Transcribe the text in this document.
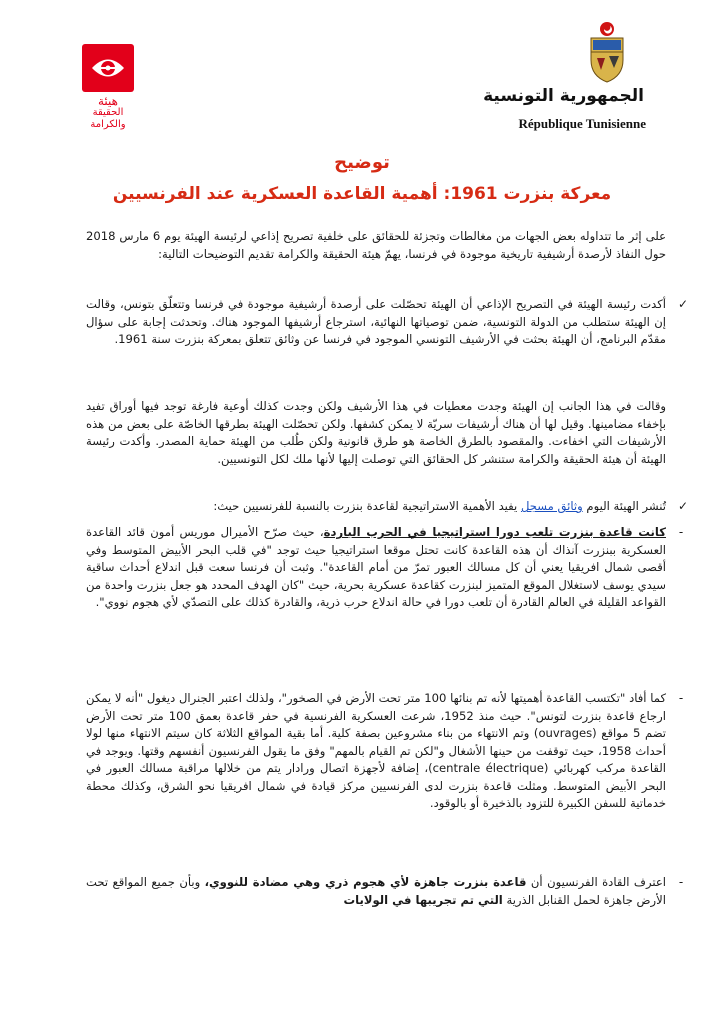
هيئة
الحقيقة
والكرامة
الجمهورية التونسية
République Tunisienne
توضيح
معركة بنزرت 1961: أهمية القاعدة العسكرية عند الفرنسيين

على إثر ما تتداوله بعض الجهات من مغالطات وتجزئة للحقائق على خلفية تصريح إذاعي لرئيسة الهيئة يوم 6 مارس 2018 حول النفاذ لأرصدة أرشيفية تاريخية موجودة في فرنسا، يهمّ هيئة الحقيقة والكرامة تقديم التوضيحات التالية:

✓

أكدت رئيسة الهيئة في التصريح الإذاعي أن الهيئة تحصّلت على أرصدة أرشيفية موجودة في فرنسا وتتعلّق بتونس، وقالت إن الهيئة ستطلب من الدولة التونسية، ضمن توصياتها النهائية، استرجاع أرشيفها الموجود هناك. وتحدثت إجابة على سؤال مقدّم البرنامج، أن الهيئة بحثت في الأرشيف التونسي الموجود في فرنسا عن وثائق تتعلق بمعركة بنزرت سنة 1961.

وقالت في هذا الجانب إن الهيئة وجدت معطيات في هذا الأرشيف ولكن وجدت كذلك أوعية فارغة توجد فيها أوراق تفيد بإخفاء مضامينها. وقيل لها أن هناك أرشيفات سريّة لا يمكن كشفها. ولكن تحصّلت الهيئة بطرقها الخاصّة على بعض من هذه الأرشيفات التي اخفاءت. والمقصود بالطرق الخاصة هو طرق قانونية ولكن طُلب من الهيئة حماية المصدر. وأكدت رئيسة الهيئة أن هيئة الحقيقة والكرامة ستنشر كل الحقائق التي توصلت إليها لأنها ملك لكل التونسيين.

✓
تُنشر الهيئة اليوم وثائق مسجل يفيد الأهمية الاستراتيجية لقاعدة بنزرت بالنسبة للفرنسيين حيث:
-
كانت قاعدة بنزرت تلعب دورا استراتيجيا في الحرب الباردة، حيث صرّح الأميرال موريس أمون قائد القاعدة العسكرية ببنزرت آنذاك أن هذه القاعدة كانت تحتل موقعا استراتيجيا حيث توجد "في قلب البحر الأبيض المتوسط وفي أقصى شمال افريقيا يعني أن كل مسالك العبور تمرّ من أمام القاعدة". وثبت أن فرنسا سعت قبل اندلاع أحداث ساقية سيدي يوسف لاستغلال الموقع المتميز لبنزرت كقاعدة عسكرية بحرية، حيث "كان الهدف المحدد هو جعل بنزرت واحدة من القواعد القليلة في العالم القادرة أن تلعب دورا في حالة اندلاع حرب ذرية، والقادرة كذلك على التصدّي لأي هجوم نووي".
-
كما أفاد "تكتسب القاعدة أهميتها لأنه تم بنائها 100 متر تحت الأرض في الصخور"، ولذلك اعتبر الجنرال ديغول "أنه لا يمكن ارجاع قاعدة بنزرت لتونس". حيث منذ 1952، شرعت العسكرية الفرنسية في حفر قاعدة بعمق 100 متر تحت الأرض تضم 5 مواقع (ouvrages) وتم الانتهاء من بناء مشروعين بصفة كلية. أما بقية المواقع الثلاثة كان سيتم الانتهاء منها لولا أحداث 1958، حيث توقفت من حينها الأشغال و"لكن تم القيام بالمهم" وفق ما يقول الفرنسيون أنفسهم وقتها. ويوجد في القاعدة مركب كهربائي (centrale électrique)، إضافة لأجهزة اتصال ورادار يتم من خلالها مراقبة مسالك العبور في البحر الأبيض المتوسط. ومثلت قاعدة بنزرت لدى الفرنسيين مركز قيادة في شمال افريقيا نحو الشرق، وكذلك محطة خدماتية للسفن الكبيرة للتزود بالذخيرة أو بالوقود.
-
اعترف القادة الفرنسيون أن قاعدة بنزرت جاهزة لأي هجوم ذري وهي مضادة للنووي، وبأن جميع المواقع تحت الأرض جاهزة لحمل القنابل الذرية التي تم تجريبها في الولايات
